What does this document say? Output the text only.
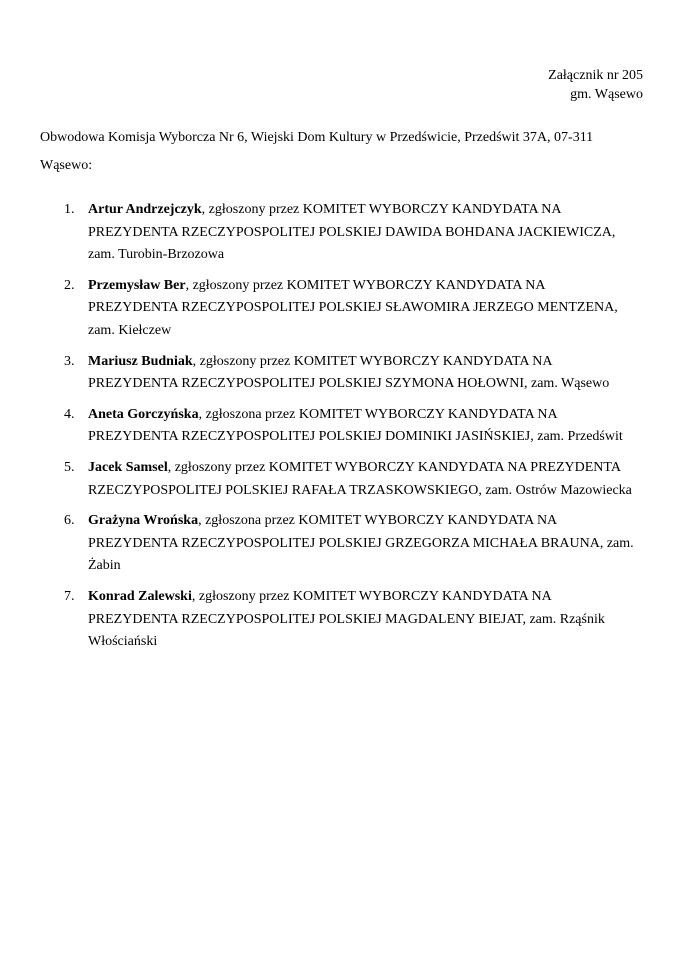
Załącznik nr 205
gm. Wąsewo
Obwodowa Komisja Wyborcza Nr 6, Wiejski Dom Kultury w Przedświcie, Przedświt 37A, 07-311 Wąsewo:
1. Artur Andrzejczyk, zgłoszony przez KOMITET WYBORCZY KANDYDATA NA PREZYDENTA RZECZYPOSPOLITEJ POLSKIEJ DAWIDA BOHDANA JACKIEWICZA, zam. Turobin-Brzozowa
2. Przemysław Ber, zgłoszony przez KOMITET WYBORCZY KANDYDATA NA PREZYDENTA RZECZYPOSPOLITEJ POLSKIEJ SŁAWOMIRA JERZEGO MENTZENA, zam. Kiełczew
3. Mariusz Budniak, zgłoszony przez KOMITET WYBORCZY KANDYDATA NA PREZYDENTA RZECZYPOSPOLITEJ POLSKIEJ SZYMONA HOŁOWNI, zam. Wąsewo
4. Aneta Gorczyńska, zgłoszona przez KOMITET WYBORCZY KANDYDATA NA PREZYDENTA RZECZYPOSPOLITEJ POLSKIEJ DOMINIKI JASIŃSKIEJ, zam. Przedświt
5. Jacek Samsel, zgłoszony przez KOMITET WYBORCZY KANDYDATA NA PREZYDENTA RZECZYPOSPOLITEJ POLSKIEJ RAFAŁA TRZASKOWSKIEGO, zam. Ostrów Mazowiecka
6. Grażyna Wrońska, zgłoszona przez KOMITET WYBORCZY KANDYDATA NA PREZYDENTA RZECZYPOSPOLITEJ POLSKIEJ GRZEGORZA MICHAŁA BRAUNA, zam. Żabin
7. Konrad Zalewski, zgłoszony przez KOMITET WYBORCZY KANDYDATA NA PREZYDENTA RZECZYPOSPOLITEJ POLSKIEJ MAGDALENY BIEJAT, zam. Rząśnik Włościański
